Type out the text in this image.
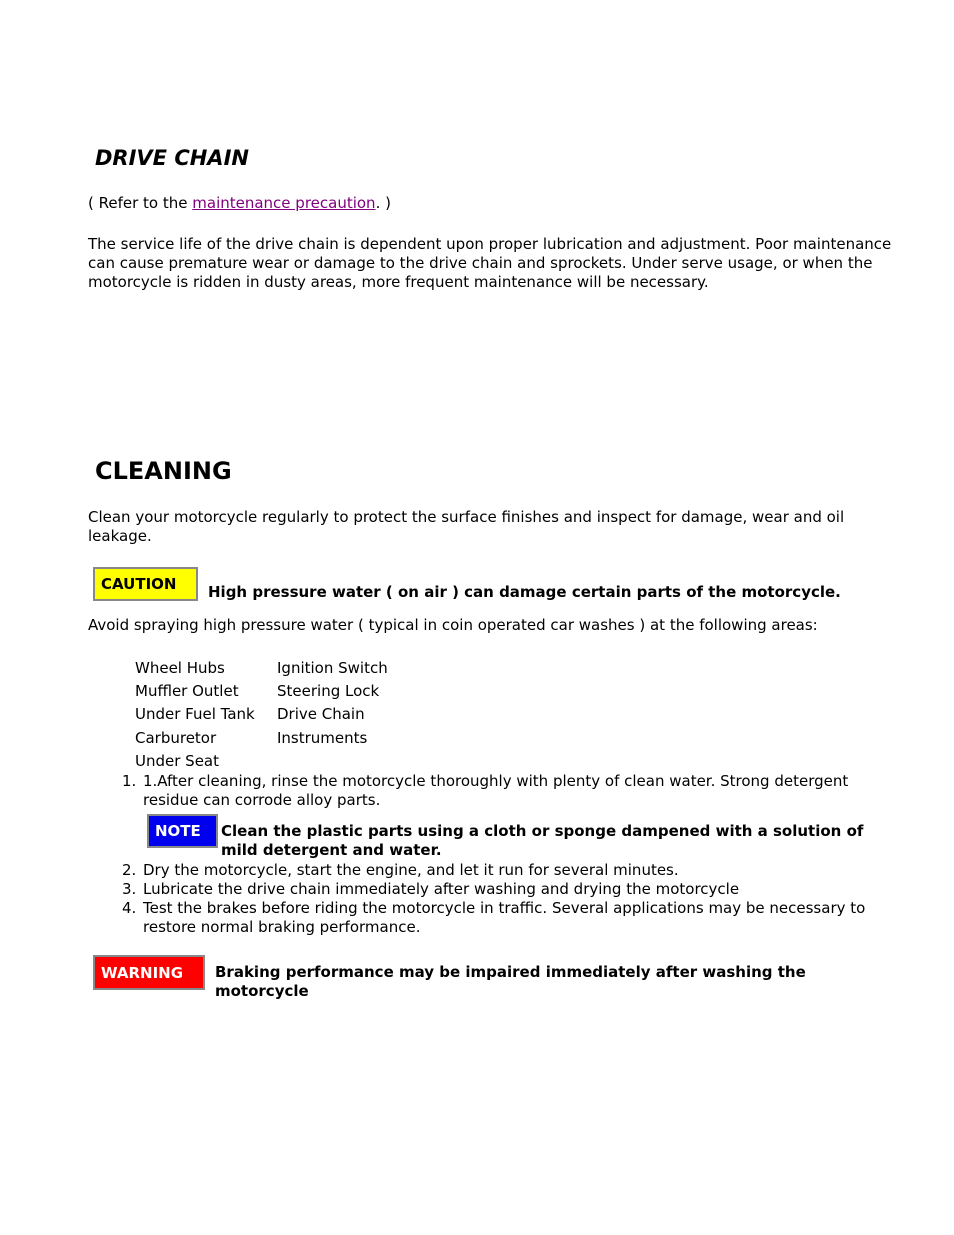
DRIVE CHAIN

( Refer to the maintenance precaution. )

The service life of the drive chain is dependent upon proper lubrication and adjustment. Poor maintenance can cause premature wear or damage to the drive chain and sprockets. Under serve usage, or when the motorcycle is ridden in dusty areas, more frequent maintenance will be necessary.

CLEANING

Clean your motorcycle regularly to protect the surface finishes and inspect for damage, wear and oil leakage.

CAUTION	High pressure water ( on air ) can damage certain parts of the motorcycle.

Avoid spraying high pressure water ( typical in coin operated car washes ) at the following areas:

Wheel Hubs	Ignition Switch
Muffler Outlet	Steering Lock
Under Fuel Tank	Drive Chain
Carburetor	Instruments
Under Seat	
1. 1.After cleaning, rinse the motorcycle thoroughly with plenty of clean water. Strong detergent residue can corrode alloy parts.
NOTE	Clean the plastic parts using a cloth or sponge dampened with a solution of mild detergent and water.
2. Dry the motorcycle, start the engine, and let it run for several minutes.
3. Lubricate the drive chain immediately after washing and drying the motorcycle
4. Test the brakes before riding the motorcycle in traffic. Several applications may be necessary to restore normal braking performance.
WARNING	Braking performance may be impaired immediately after washing the motorcycle
